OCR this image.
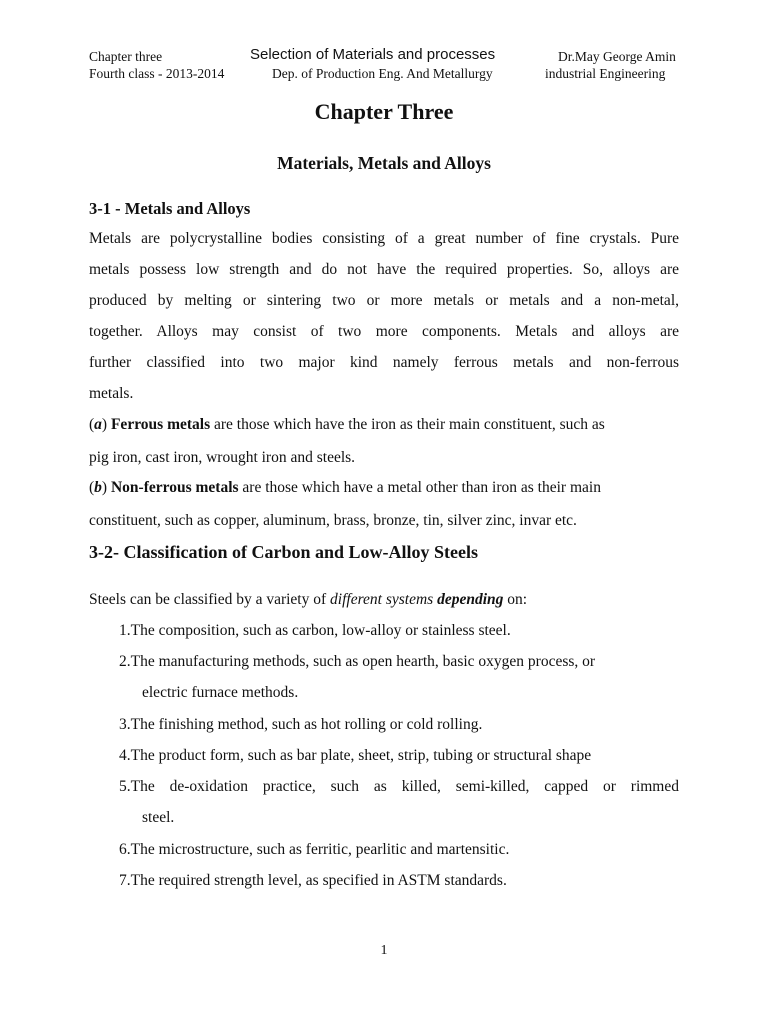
Chapter three
Fourth class - 2013-2014
Selection of Materials and processes
Dep. of Production Eng. And Metallurgy
Dr.May George Amin
industrial Engineering
Chapter Three
Materials, Metals and Alloys
3-1 - Metals and Alloys
Metals are polycrystalline bodies consisting of a great number of fine crystals. Pure
metals possess low strength and do not have the required properties. So, alloys are
produced by melting or sintering two or more metals or metals and a non-metal,
together. Alloys may consist of two more components. Metals and alloys are
further classified into two major kind namely ferrous metals and non-ferrous
metals.
(a) Ferrous metals are those which have the iron as their main constituent, such as
pig iron, cast iron, wrought iron and steels.
(b) Non-ferrous metals are those which have a metal other than iron as their main
constituent, such as copper, aluminum, brass, bronze, tin, silver zinc, invar etc.
3-2- Classification of Carbon and Low-Alloy Steels
Steels can be classified by a variety of different systems depending on:
1.The composition, such as carbon, low-alloy or stainless steel.
2.The manufacturing methods, such as open hearth, basic oxygen process, or
electric furnace methods.
3.The finishing method, such as hot rolling or cold rolling.
4.The product form, such as bar plate, sheet, strip, tubing or structural shape
5.The de-oxidation practice, such as killed, semi-killed, capped or rimmed
steel.
6.The microstructure, such as ferritic, pearlitic and martensitic.
7.The required strength level, as specified in ASTM standards.
1
